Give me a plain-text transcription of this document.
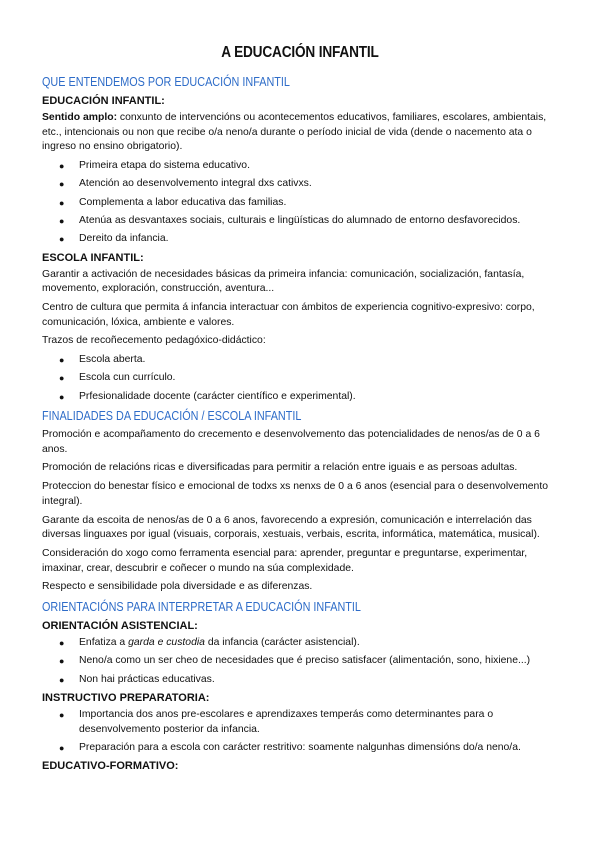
A EDUCACIÓN INFANTIL
QUE ENTENDEMOS POR EDUCACIÓN INFANTIL
EDUCACIÓN INFANTIL:
Sentido amplo: conxunto de intervencións ou acontecementos educativos, familiares, escolares, ambientais, etc., intencionais ou non que recibe o/a neno/a durante o período inicial de vida (dende o nacemento ata o ingreso no ensino obrigatorio).
● Primeira etapa do sistema educativo.
● Atención ao desenvolvemento integral dxs cativxs.
● Complementa a labor educativa das familias.
● Atenúa as desvantaxes sociais, culturais e lingüísticas do alumnado de entorno desfavorecidos.
● Dereito da infancia.
ESCOLA INFANTIL:
Garantir a activación de necesidades básicas da primeira infancia: comunicación, socialización, fantasía, movemento, exploración, construcción, aventura...
Centro de cultura que permita á infancia interactuar con ámbitos de experiencia cognitivo-expresivo: corpo, comunicación, lóxica, ambiente e valores.
Trazos de recoñecemento pedagóxico-didáctico:
● Escola aberta.
● Escola cun currículo.
● Prfesionalidade docente (carácter científico e experimental).
FINALIDADES DA EDUCACIÓN / ESCOLA INFANTIL
Promoción e acompañamento do crecemento e desenvolvemento das potencialidades de nenos/as de 0 a 6 anos.
Promoción de relacións ricas e diversificadas para permitir a relación entre iguais e as persoas adultas.
Proteccion do benestar físico e emocional de todxs xs nenxs de 0 a 6 anos (esencial para o desenvolvemento integral).
Garante da escoita de nenos/as de 0 a 6 anos, favorecendo a expresión, comunicación e interrelación das diversas linguaxes por igual (visuais, corporais, xestuais, verbais, escrita, informática, matemática, musical).
Consideración do xogo como ferramenta esencial para: aprender, preguntar e preguntarse, experimentar, imaxinar, crear, descubrir e coñecer o mundo na súa complexidade.
Respecto e sensibilidade pola diversidade e as diferenzas.
ORIENTACIÓNS PARA INTERPRETAR A EDUCACIÓN INFANTIL
ORIENTACIÓN ASISTENCIAL:
● Enfatiza a garda e custodia da infancia (carácter asistencial).
● Neno/a como un ser cheo de necesidades que é preciso satisfacer (alimentación, sono, hixiene...)
● Non hai prácticas educativas.
INSTRUCTIVO PREPARATORIA:
● Importancia dos anos pre-escolares e aprendizaxes temperás como determinantes para o desenvolvemento posterior da infancia.
● Preparación para a escola con carácter restritivo: soamente nalgunhas dimensións do/a neno/a.
EDUCATIVO-FORMATIVO:
